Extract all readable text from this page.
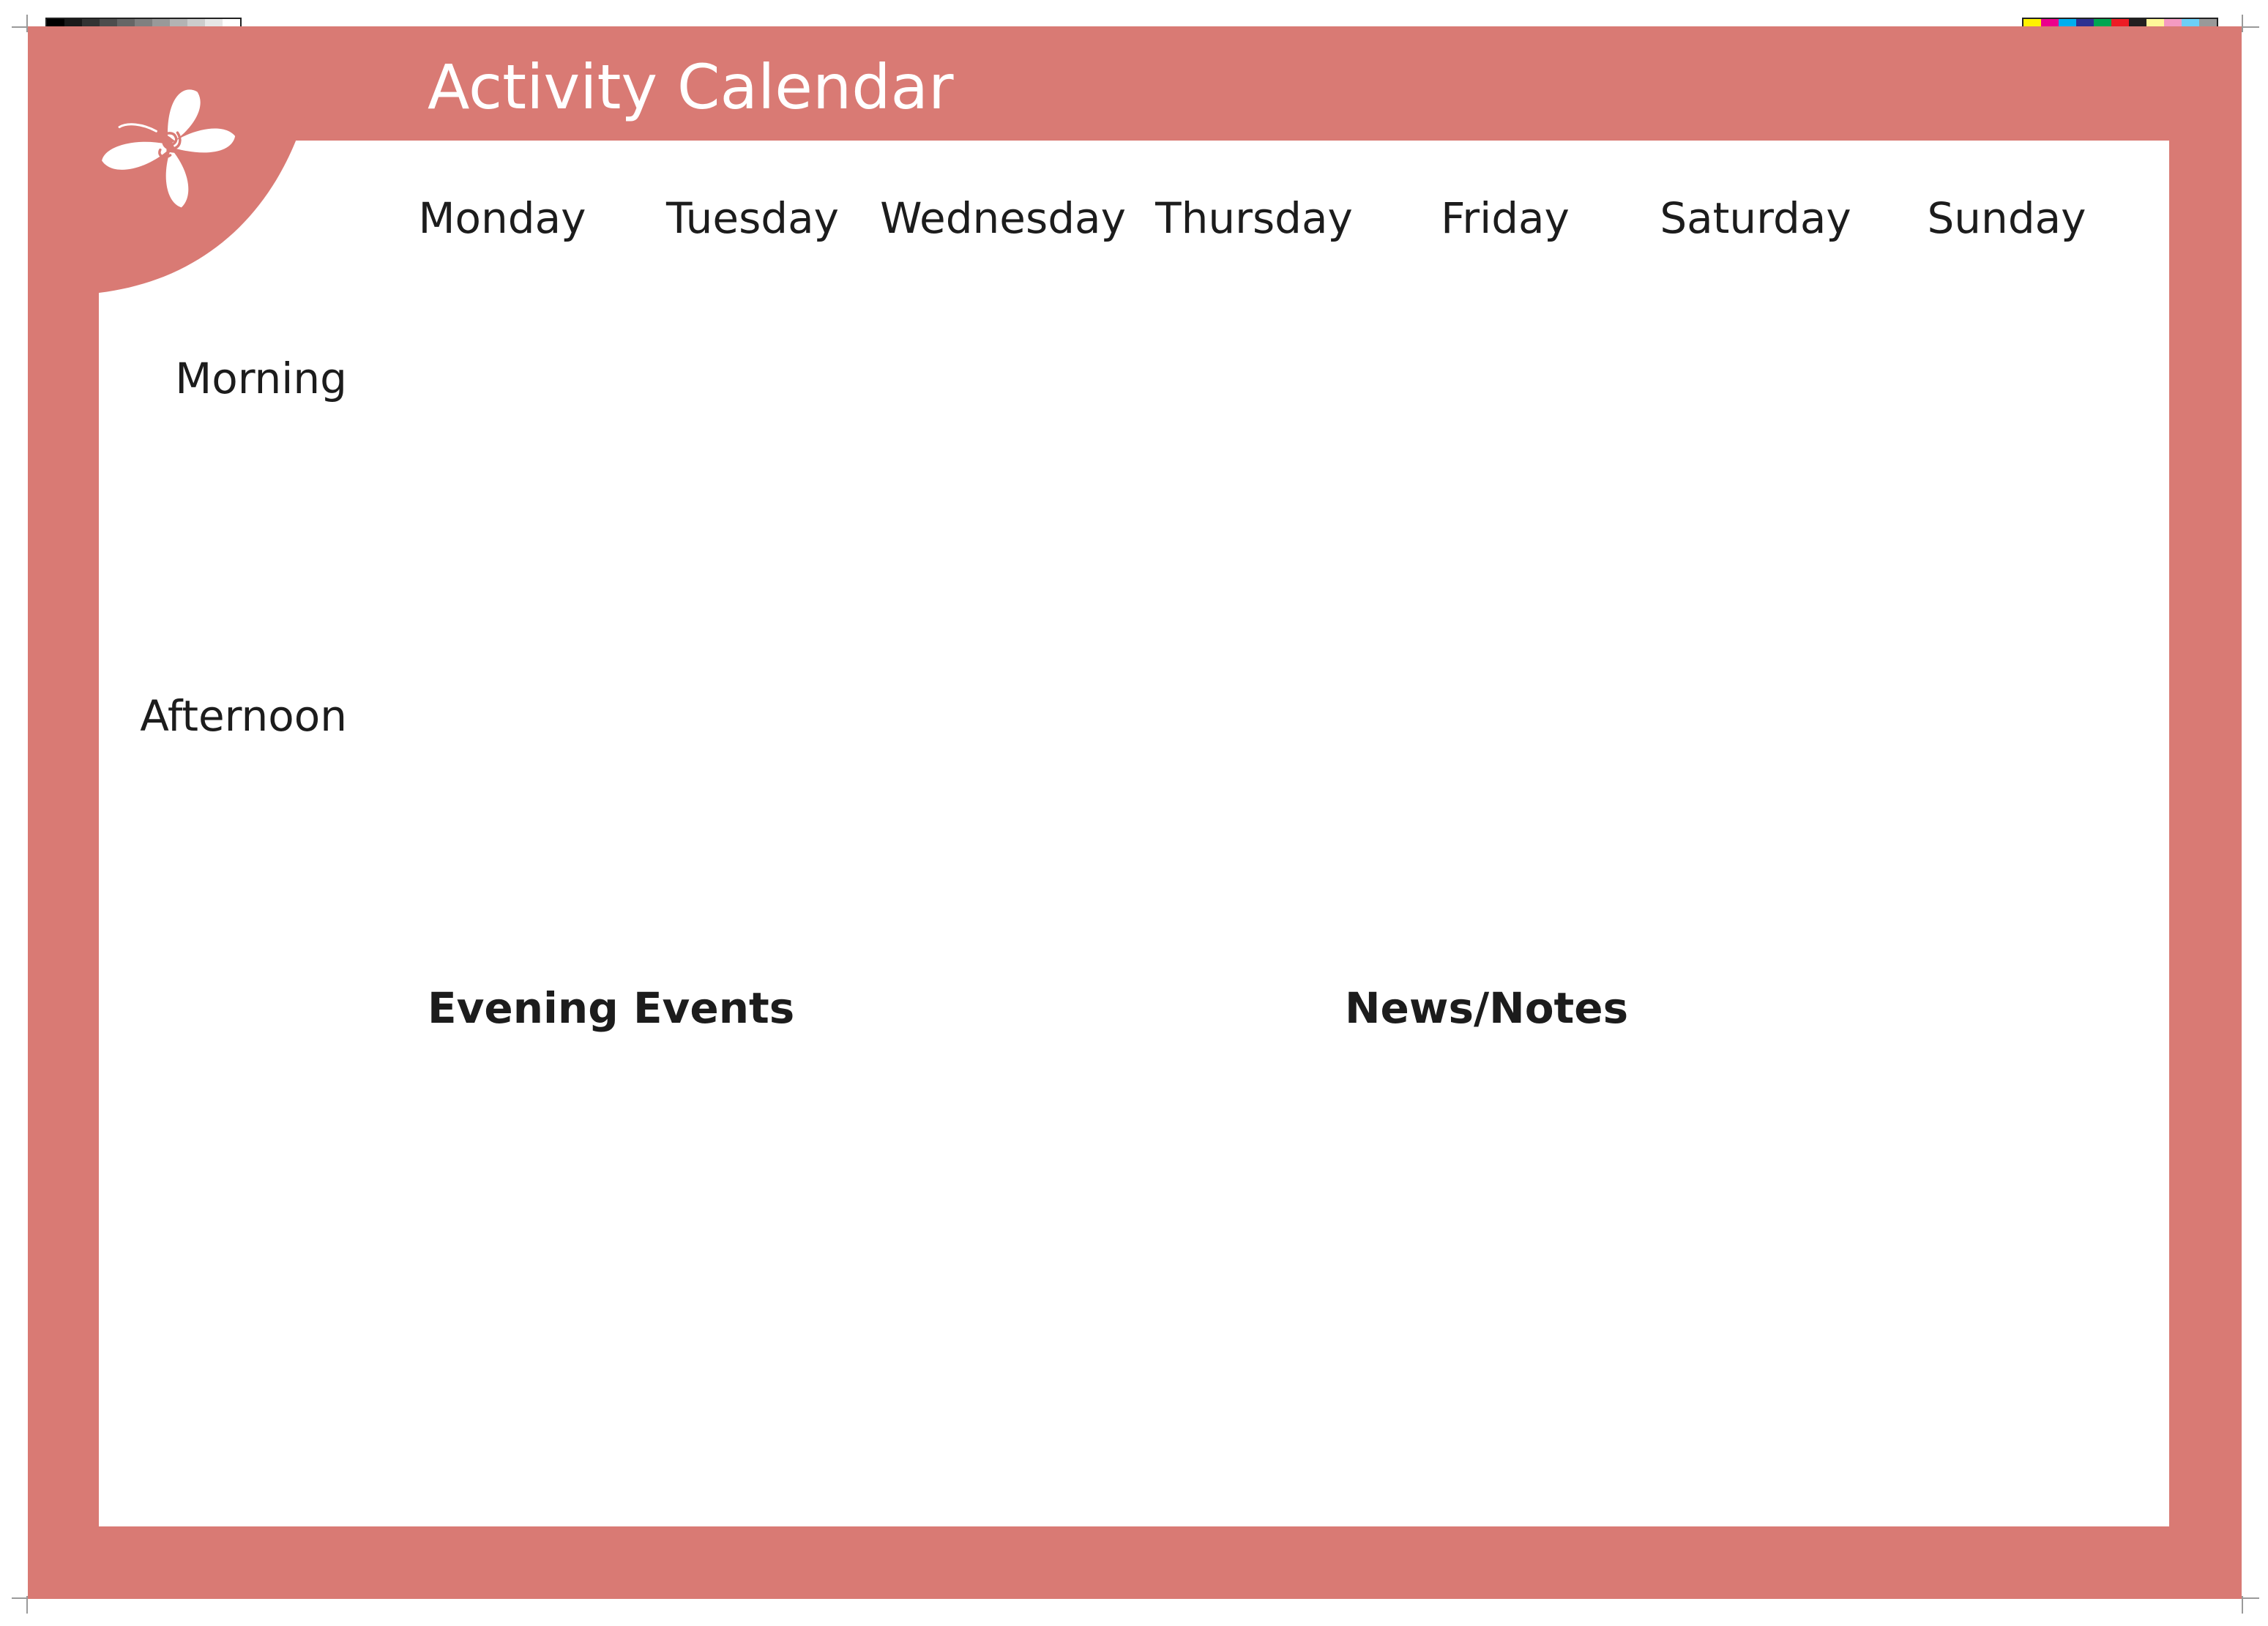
Activity Calendar
Monday Tuesday Wednesday Thursday Friday Saturday Sunday
Morning
Afternoon
Evening Events	News/Notes
